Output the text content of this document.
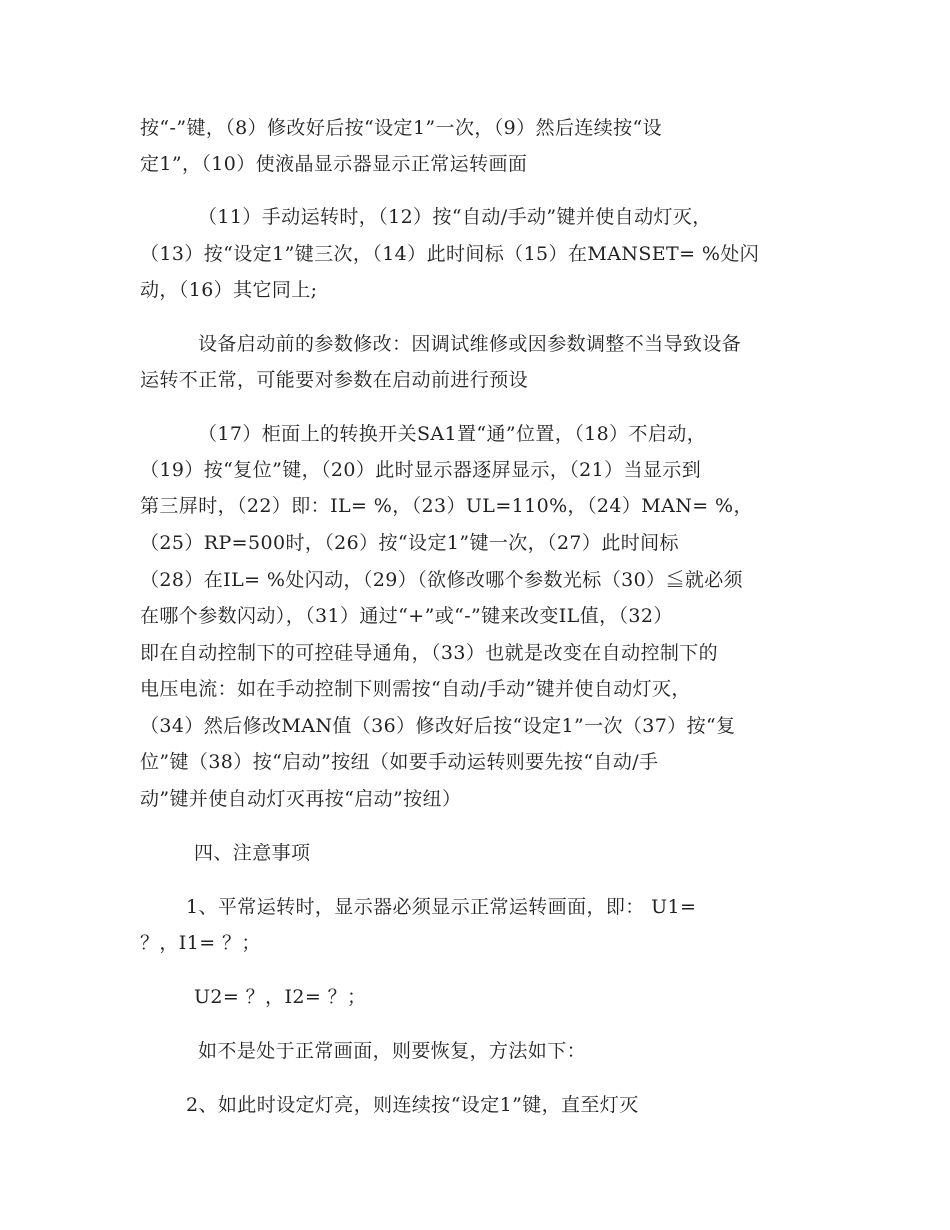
按“-”键，（8）修改好后按“设定1”一次，（9）然后连续按“设
定1”，（10）使液晶显示器显示正常运转画面
（11）手动运转时，（12）按“自动/手动”键并使自动灯灭，
（13）按“设定1”键三次，（14）此时间标（15）在MANSET= %处闪
动，（16）其它同上;
设备启动前的参数修改：因调试维修或因参数调整不当导致设备
运转不正常，可能要对参数在启动前进行预设
（17）柜面上的转换开关SA1置“通”位置，（18）不启动，
（19）按“复位”键，（20）此时显示器逐屏显示，（21）当显示到
第三屏时，（22）即：IL= %，（23）UL=110%，（24）MAN= %，
（25）RP=500时，（26）按“设定1”键一次，（27）此时间标
（28）在IL= %处闪动，（29）（欲修改哪个参数光标（30）≦就必须
在哪个参数闪动），（31）通过“+”或“-”键来改变IL值，（32）
即在自动控制下的可控硅导通角，（33）也就是改变在自动控制下的
电压电流：如在手动控制下则需按“自动/手动”键并使自动灯灭，
（34）然后修改MAN值（36）修改好后按“设定1”一次（37）按“复
位”键（38）按“启动”按纽（如要手动运转则要先按“自动/手
动”键并使自动灯灭再按“启动”按纽）
四、注意事项
1、平常运转时，显示器必须显示正常运转画面，即： U1=
？，I1= ？；
U2= ？，I2= ？；
如不是处于正常画面，则要恢复，方法如下：
2、如此时设定灯亮，则连续按“设定1”键，直至灯灭
